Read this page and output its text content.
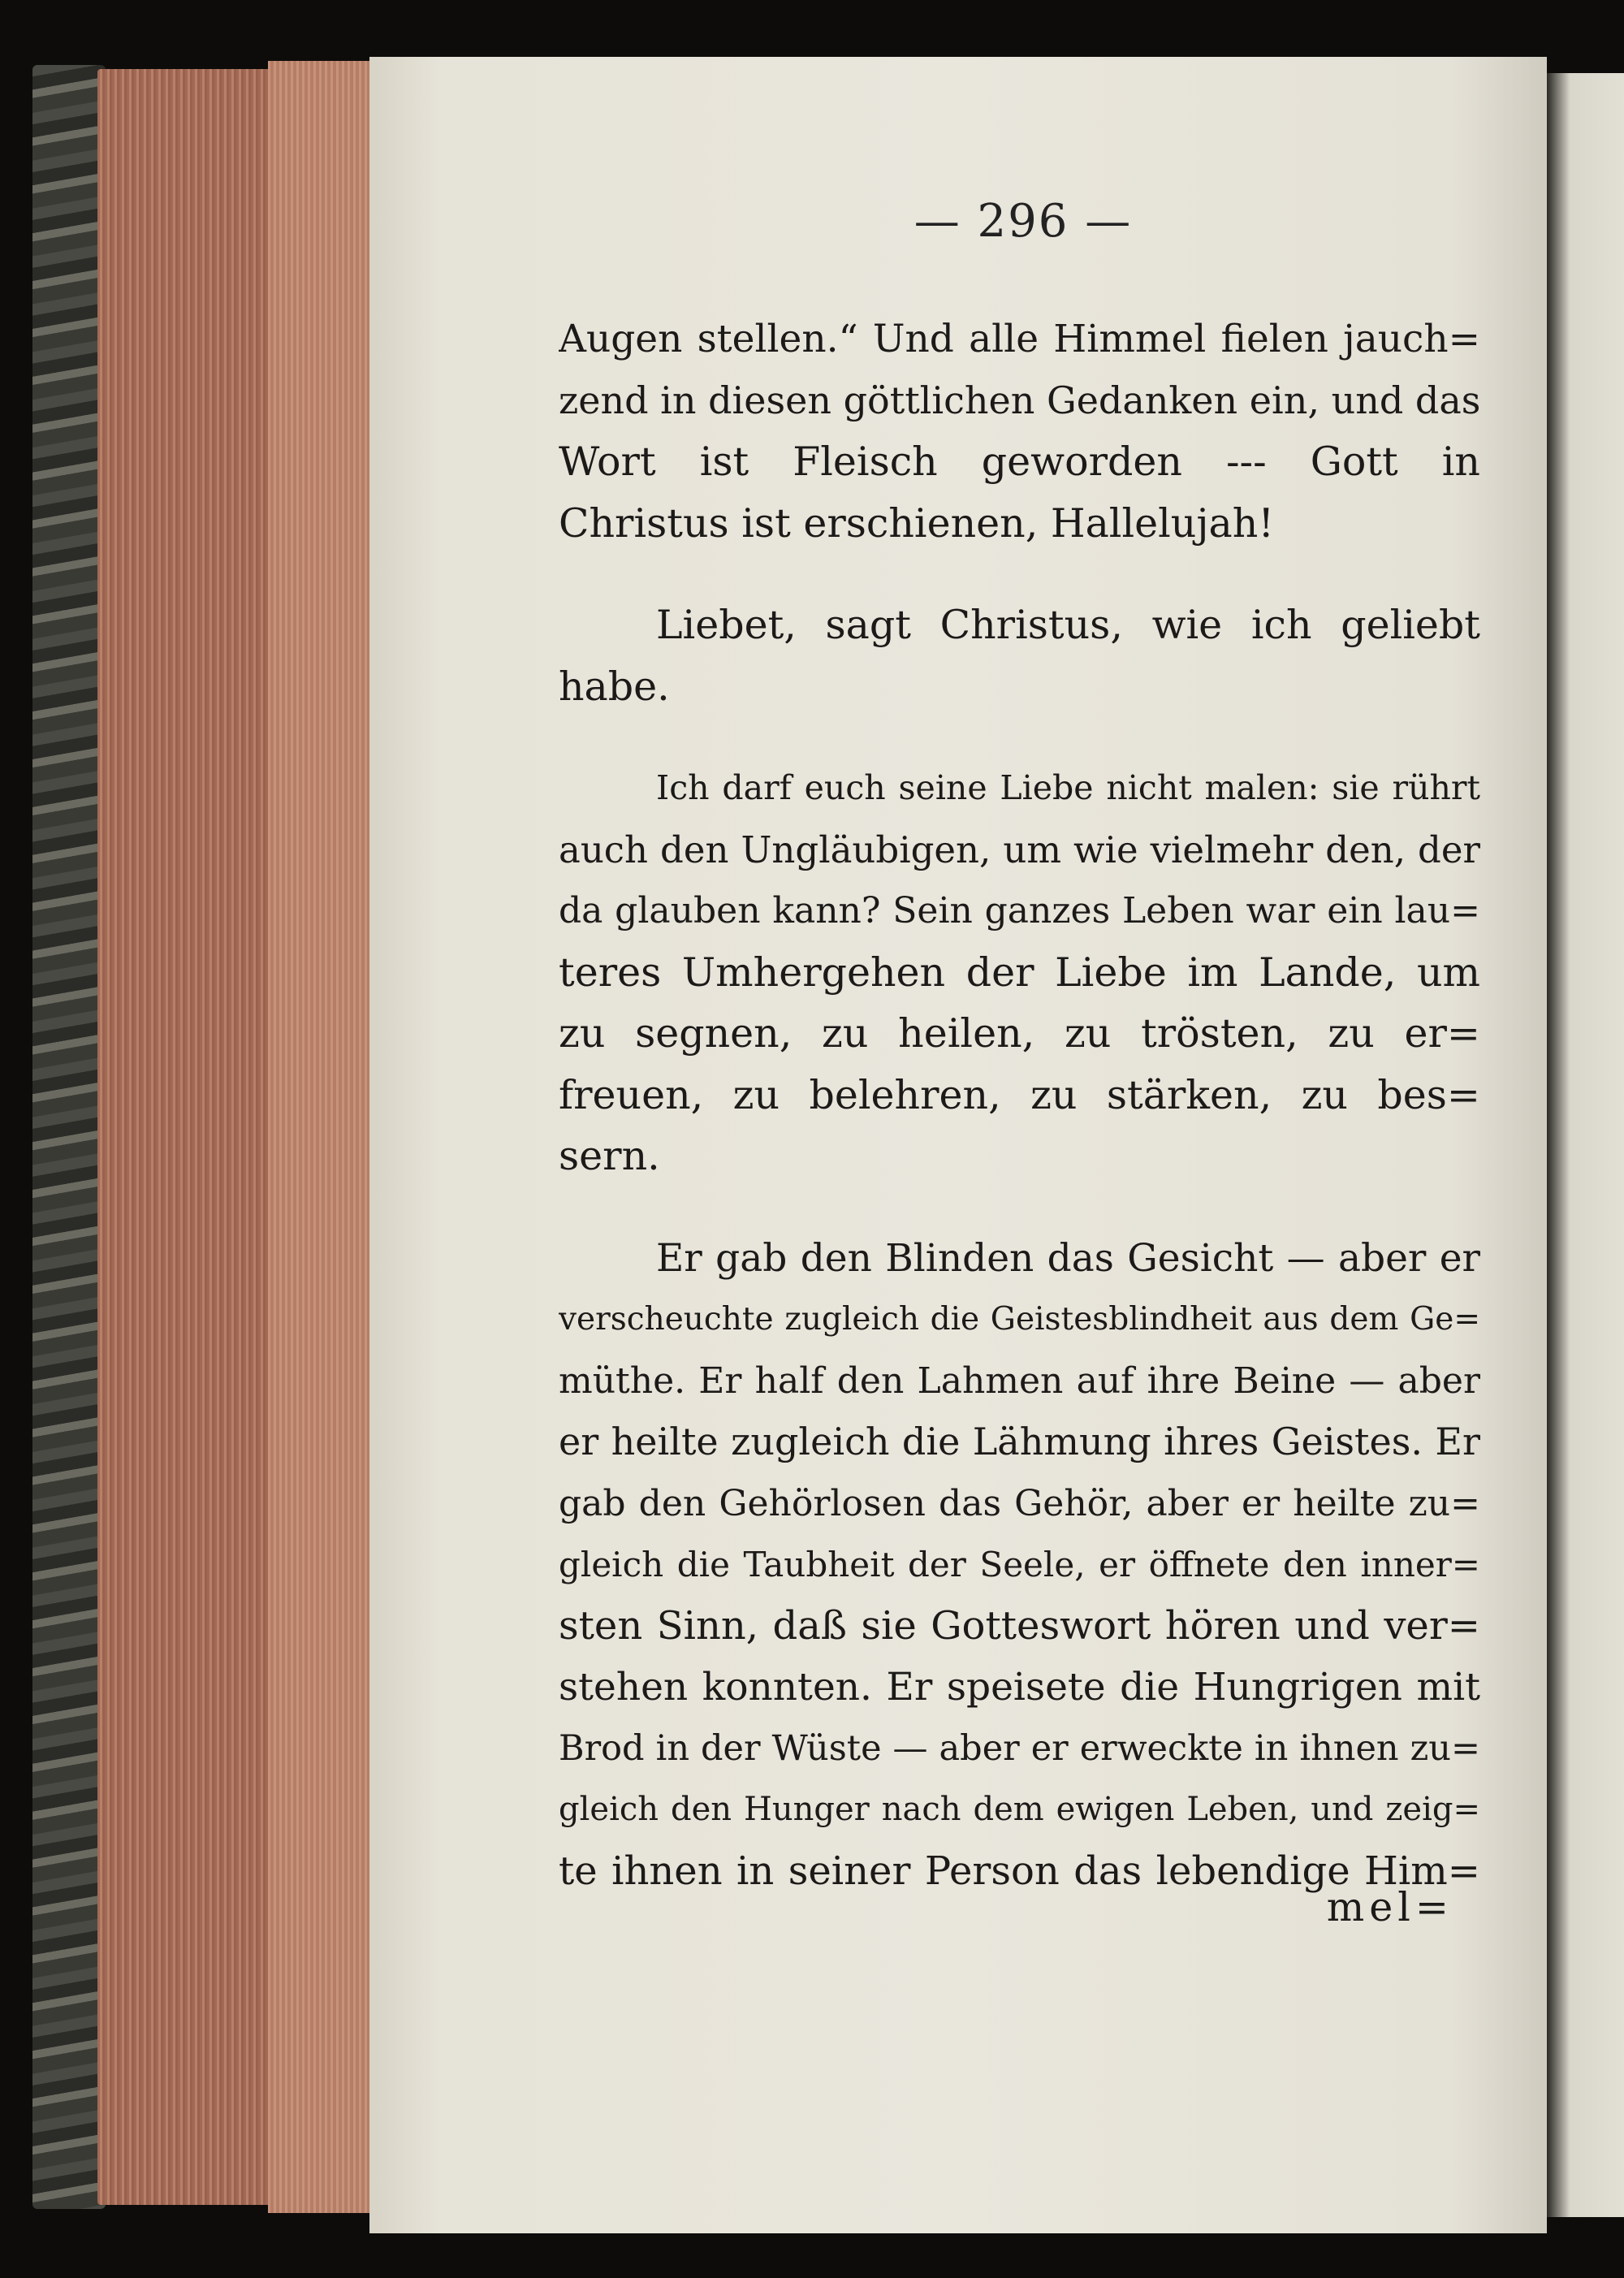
— 296 —
Augen stellen.“ Und alle Himmel fielen jauch=
zend in diesen göttlichen Gedanken ein, und das
Wort ist Fleisch geworden --- Gott in
Christus ist erschienen, Hallelujah!
Liebet, sagt Christus, wie ich geliebt
habe.
Ich darf euch seine Liebe nicht malen: sie rührt
auch den Ungläubigen, um wie vielmehr den, der
da glauben kann? Sein ganzes Leben war ein lau=
teres Umhergehen der Liebe im Lande, um
zu segnen, zu heilen, zu trösten, zu er=
freuen, zu belehren, zu stärken, zu bes=
sern.
Er gab den Blinden das Gesicht — aber er
verscheuchte zugleich die Geistesblindheit aus dem Ge=
müthe. Er half den Lahmen auf ihre Beine — aber
er heilte zugleich die Lähmung ihres Geistes. Er
gab den Gehörlosen das Gehör, aber er heilte zu=
gleich die Taubheit der Seele, er öffnete den inner=
sten Sinn, daß sie Gotteswort hören und ver=
stehen konnten. Er speisete die Hungrigen mit
Brod in der Wüste — aber er erweckte in ihnen zu=
gleich den Hunger nach dem ewigen Leben, und zeig=
te ihnen in seiner Person das lebendige Him=
mel=
